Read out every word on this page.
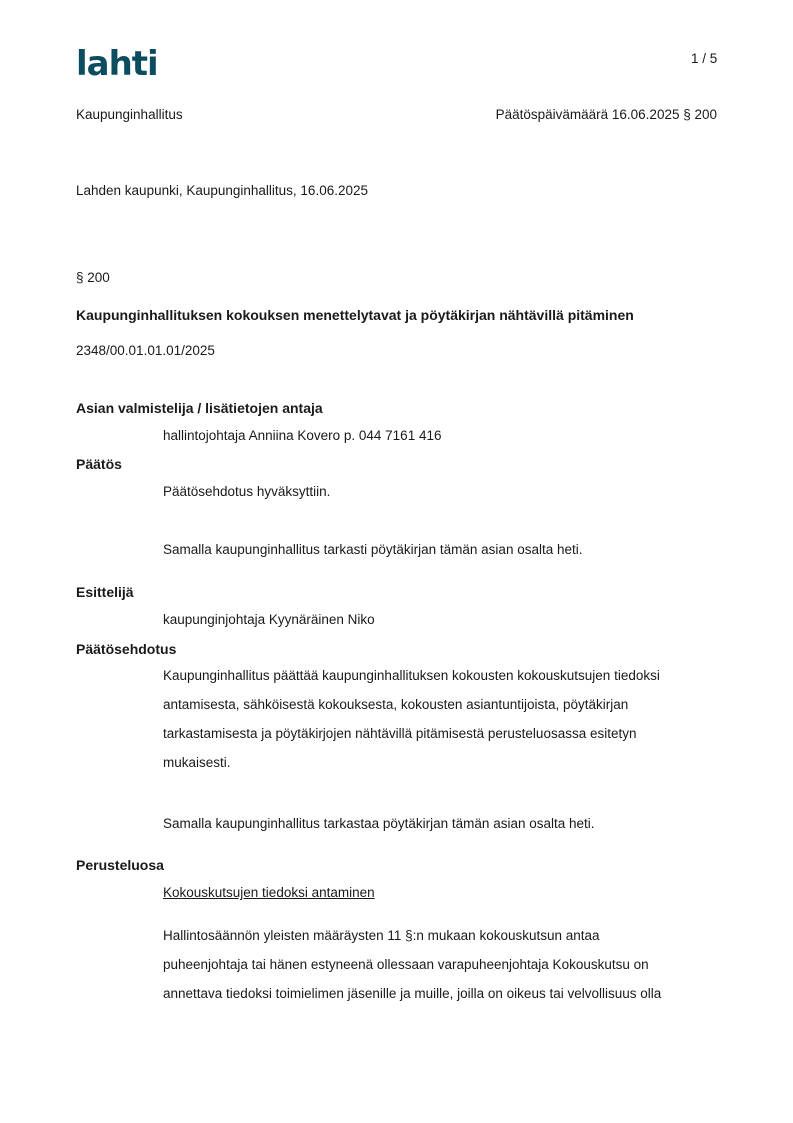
lahti	1 / 5
Kaupunginhallitus	Päätöspäivämäärä 16.06.2025 § 200
Lahden kaupunki, Kaupunginhallitus, 16.06.2025
§ 200
Kaupunginhallituksen kokouksen menettelytavat ja pöytäkirjan nähtävillä pitäminen
2348/00.01.01.01/2025
Asian valmistelija / lisätietojen antaja
hallintojohtaja Anniina Kovero p. 044 7161 416
Päätös
Päätösehdotus hyväksyttiin.
Samalla kaupunginhallitus tarkasti pöytäkirjan tämän asian osalta heti.
Esittelijä
kaupunginjohtaja Kyynäräinen Niko
Päätösehdotus

Kaupunginhallitus päättää kaupunginhallituksen kokousten kokouskutsujen tiedoksi

antamisesta, sähköisestä kokouksesta, kokousten asiantuntijoista, pöytäkirjan

tarkastamisesta ja pöytäkirjojen nähtävillä pitämisestä perusteluosassa esitetyn

mukaisesti.

Samalla kaupunginhallitus tarkastaa pöytäkirjan tämän asian osalta heti.
Perusteluosa
Kokouskutsujen tiedoksi antaminen

Hallintosäännön yleisten määräysten 11 §:n mukaan kokouskutsun antaa

puheenjohtaja tai hänen estyneenä ollessaan varapuheenjohtaja Kokouskutsu on

annettava tiedoksi toimielimen jäsenille ja muille, joilla on oikeus tai velvollisuus olla
